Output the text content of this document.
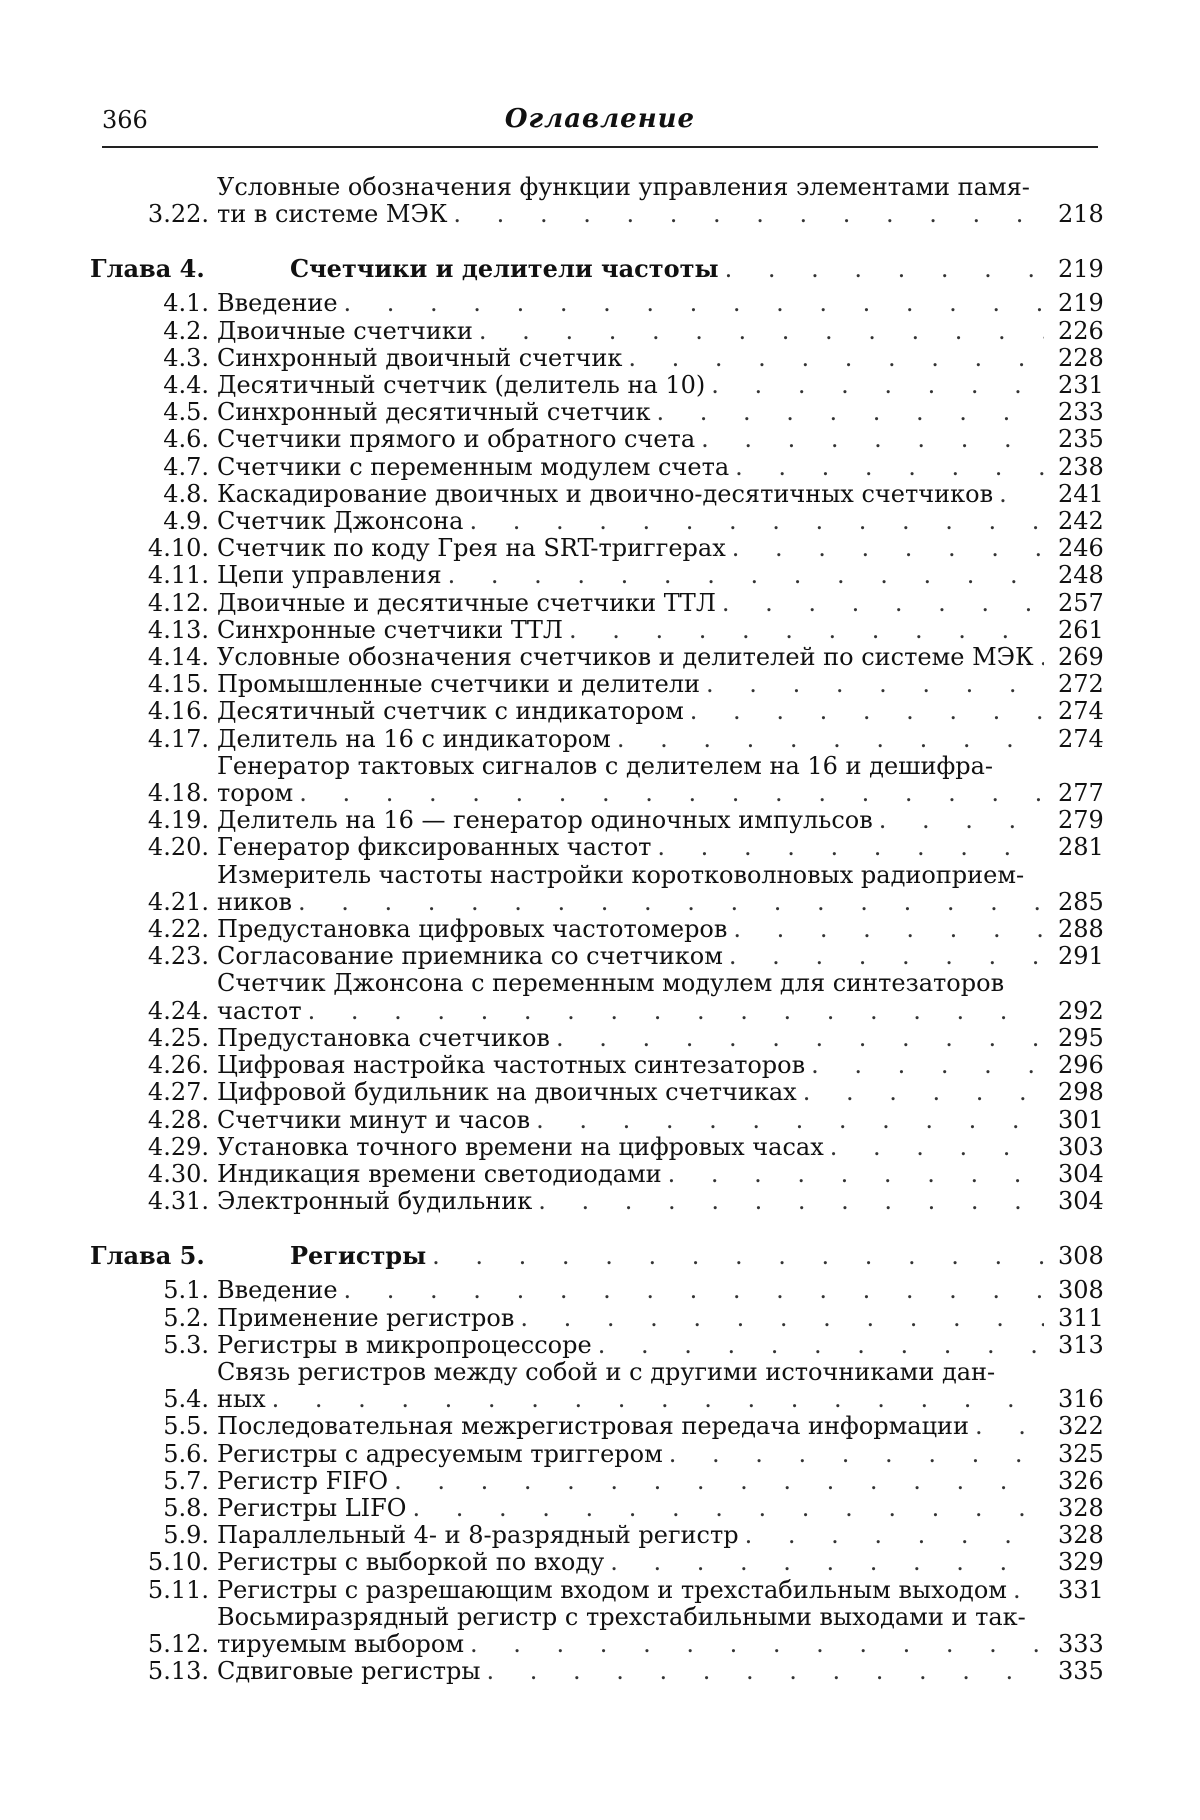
366	Оглавление
3.22.
Условные обозначения функции управления элементами памя-
ти в системе МЭК . . .	218
Глава 4.	Счетчики и делители частоты . . .	219
4.1. Введение . . .	219
4.2. Двоичные счетчики . . .	226
4.3. Синхронный двоичный счетчик . . .	228
4.4. Десятичный счетчик (делитель на 10) . . .	231
4.5. Синхронный десятичный счетчик . . .	233
4.6. Счетчики прямого и обратного счета . . .	235
4.7. Счетчики с переменным модулем счета . . .	238
4.8. Каскадирование двоичных и двоично-десятичных счетчиков . . .	241
4.9. Счетчик Джонсона . . .	242
4.10. Счетчик по коду Грея на SRT-триггерах . . .	246
4.11. Цепи управления . . .	248
4.12. Двоичные и десятичные счетчики ТТЛ . . .	257
4.13. Синхронные счетчики ТТЛ . . .	261
4.14. Условные обозначения счетчиков и делителей по системе МЭК . . .	269
4.15. Промышленные счетчики и делители . . .	272
4.16. Десятичный счетчик с индикатором . . .	274
4.17. Делитель на 16 с индикатором . . .	274
4.18.
Генератор тактовых сигналов с делителем на 16 и дешифра-
тором . . .	277
4.19. Делитель на 16 — генератор одиночных импульсов . . .	279
4.20. Генератор фиксированных частот . . .	281
4.21.
Измеритель частоты настройки коротковолновых радиоприем-
ников . . .	285
4.22. Предустановка цифровых частотомеров . . .	288
4.23. Согласование приемника со счетчиком . . .	291
4.24.
Счетчик Джонсона с переменным модулем для синтезаторов
частот . . .	292
4.25. Предустановка счетчиков . . .	295
4.26. Цифровая настройка частотных синтезаторов . . .	296
4.27. Цифровой будильник на двоичных счетчиках . . .	298
4.28. Счетчики минут и часов . . .	301
4.29. Установка точного времени на цифровых часах . . .	303
4.30. Индикация времени светодиодами . . .	304
4.31. Электронный будильник . . .	304
Глава 5.	Регистры . . .	308
5.1. Введение . . .	308
5.2. Применение регистров . . .	311
5.3. Регистры в микропроцессоре . . .	313
5.4.
Связь регистров между собой и с другими источниками дан-
ных . . .	316
5.5. Последовательная межрегистровая передача информации . . .	322
5.6. Регистры с адресуемым триггером . . .	325
5.7. Регистр FIFO . . .	326
5.8. Регистры LIFO . . .	328
5.9. Параллельный 4- и 8-разрядный регистр . . .	328
5.10. Регистры с выборкой по входу . . .	329
5.11. Регистры с разрешающим входом и трехстабильным выходом . . .	331
5.12.
Восьмиразрядный регистр с трехстабильными выходами и так-
тируемым выбором . . .	333
5.13. Сдвиговые регистры . . .	335
